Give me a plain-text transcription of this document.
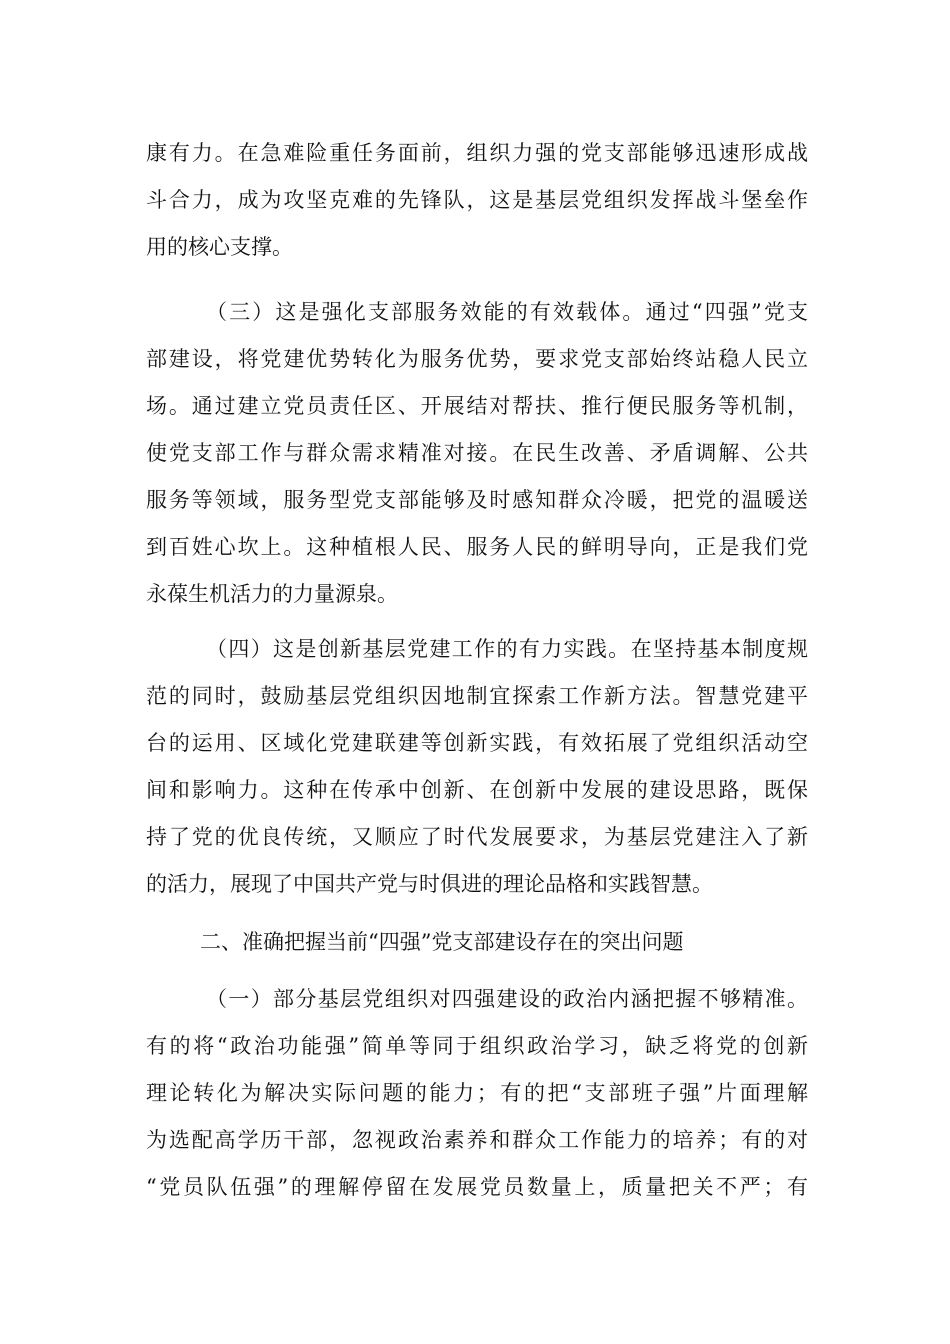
康有力。在急难险重任务面前，组织力强的党支部能够迅速形成战
斗合力，成为攻坚克难的先锋队，这是基层党组织发挥战斗堡垒作
用的核心支撑。
（三）这是强化支部服务效能的有效载体。通过“四强”党支
部建设，将党建优势转化为服务优势，要求党支部始终站稳人民立
场。通过建立党员责任区、开展结对帮扶、推行便民服务等机制，
使党支部工作与群众需求精准对接。在民生改善、矛盾调解、公共
服务等领域，服务型党支部能够及时感知群众冷暖，把党的温暖送
到百姓心坎上。这种植根人民、服务人民的鲜明导向，正是我们党
永葆生机活力的力量源泉。
（四）这是创新基层党建工作的有力实践。在坚持基本制度规
范的同时，鼓励基层党组织因地制宜探索工作新方法。智慧党建平
台的运用、区域化党建联建等创新实践，有效拓展了党组织活动空
间和影响力。这种在传承中创新、在创新中发展的建设思路，既保
持了党的优良传统，又顺应了时代发展要求，为基层党建注入了新
的活力，展现了中国共产党与时俱进的理论品格和实践智慧。
二、准确把握当前“四强”党支部建设存在的突出问题
（一）部分基层党组织对四强建设的政治内涵把握不够精准。
有的将“政治功能强”简单等同于组织政治学习，缺乏将党的创新
理论转化为解决实际问题的能力；有的把“支部班子强”片面理解
为选配高学历干部，忽视政治素养和群众工作能力的培养；有的对
“党员队伍强”的理解停留在发展党员数量上，质量把关不严；有
